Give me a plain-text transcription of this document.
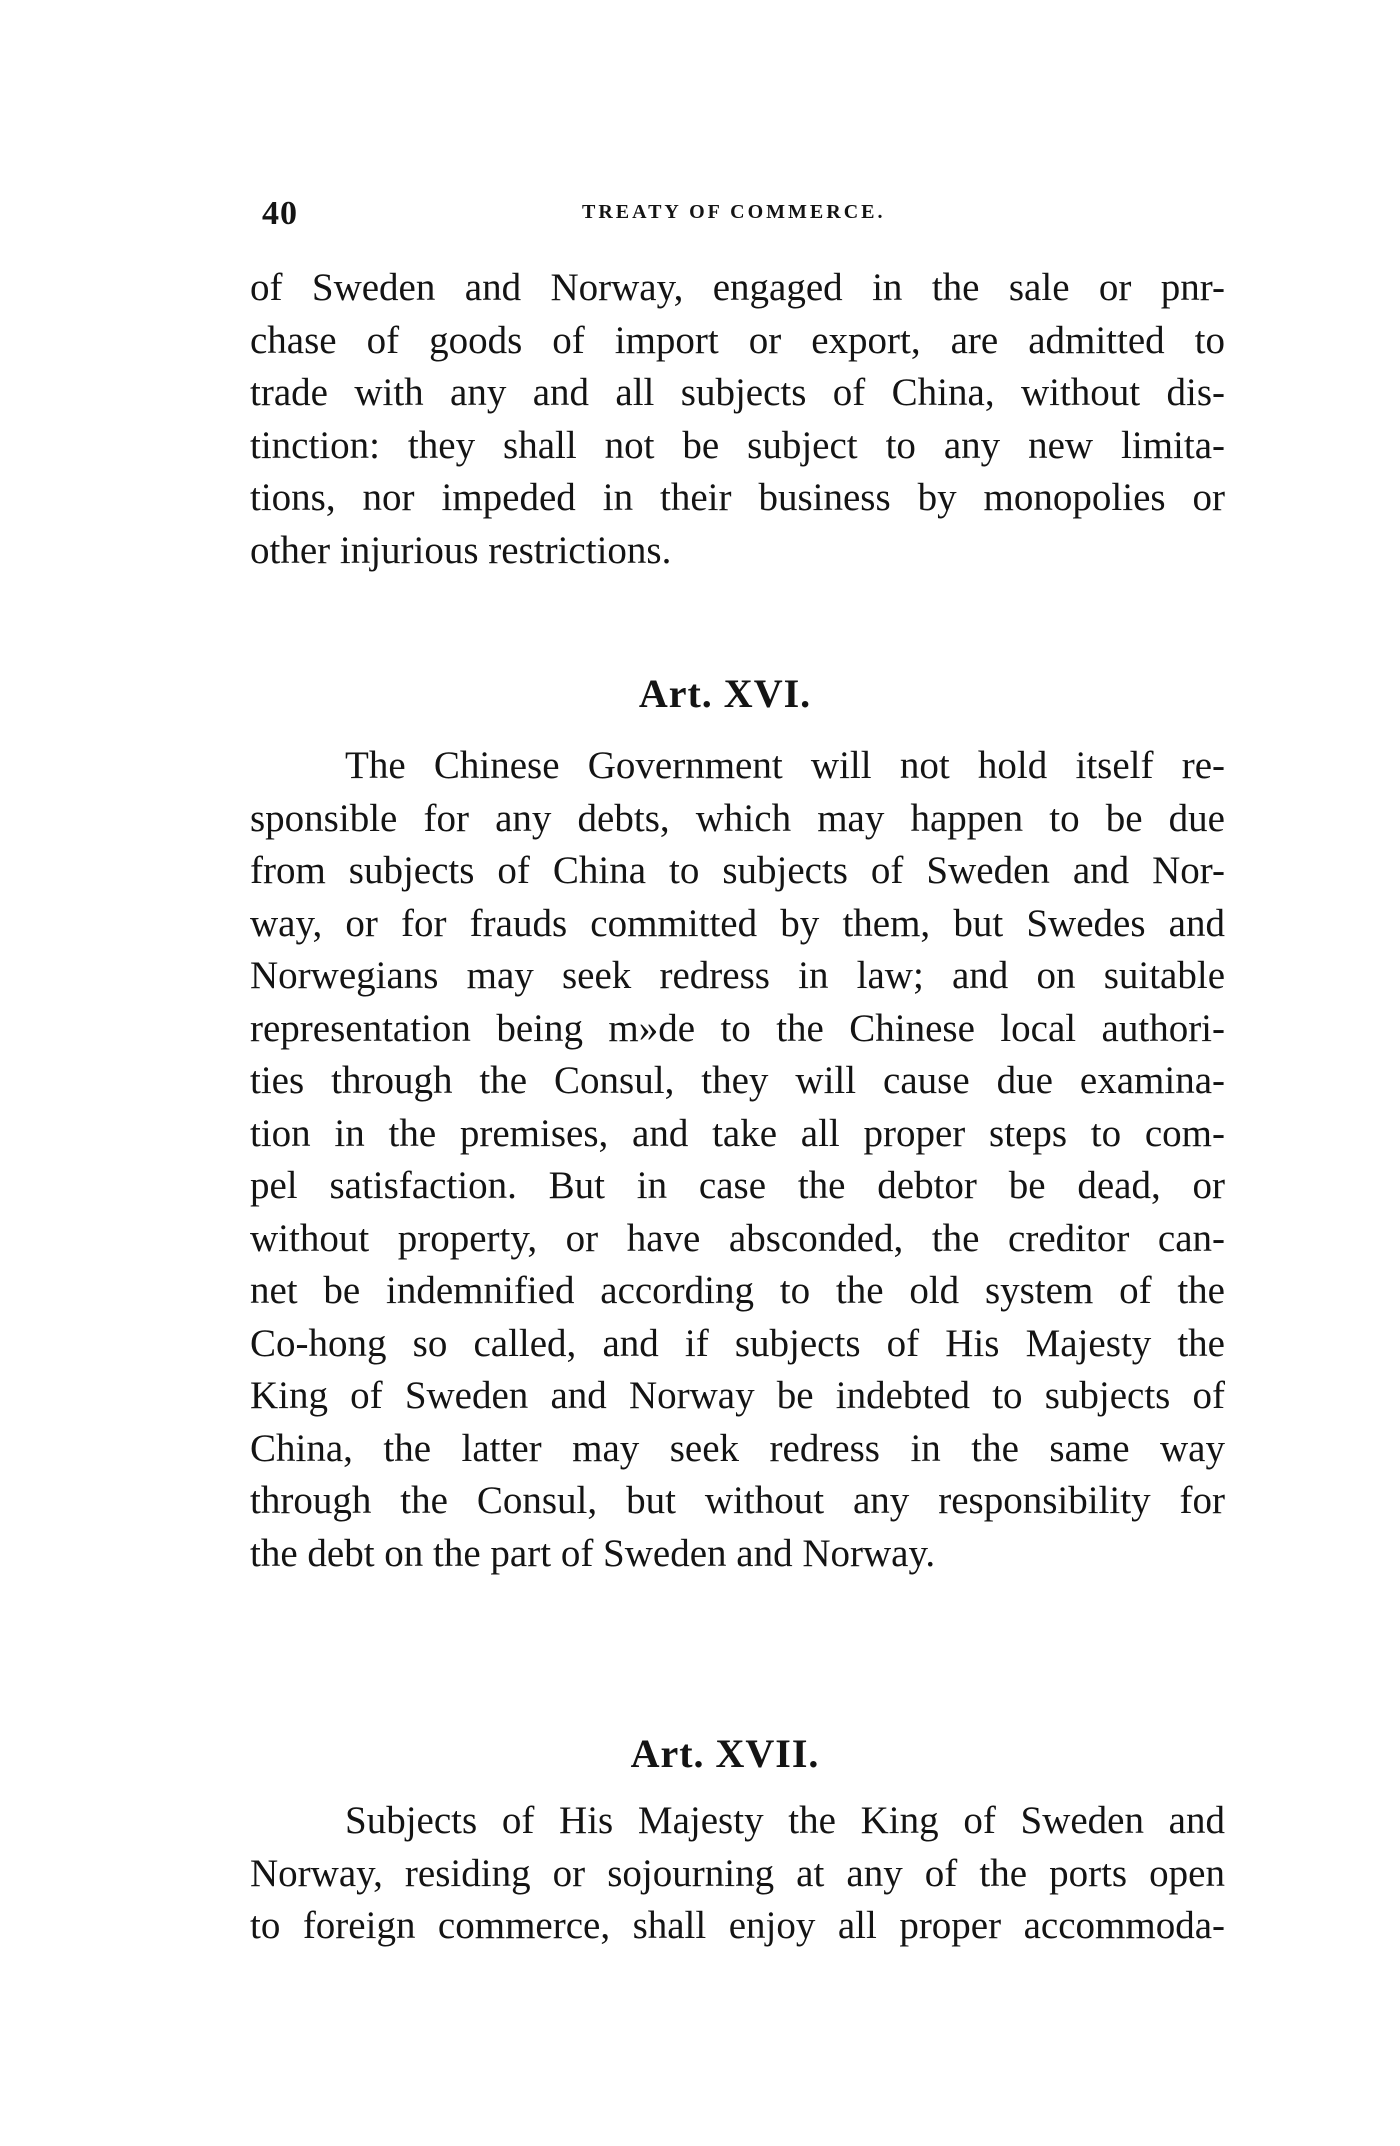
40	TREATY OF COMMERCE.
of Sweden and Norway, engaged in the sale or pnr-
chase of goods of import or export, are admitted to
trade with any and all subjects of China, without dis-
tinction: they shall not be subject to any new limita-
tions, nor impeded in their business by monopolies or
other injurious restrictions.
Art. XVI.
The Chinese Government will not hold itself re-
sponsible for any debts, which may happen to be due
from subjects of China to subjects of Sweden and Nor-
way, or for frauds committed by them, but Swedes and
Norwegians may seek redress in law; and on suitable
representation being m»de to the Chinese local authori-
ties through the Consul, they will cause due examina-
tion in the premises, and take all proper steps to com-
pel satisfaction. But in case the debtor be dead, or
without property, or have absconded, the creditor can-
net be indemnified according to the old system of the
Co-hong so called, and if subjects of His Majesty the
King of Sweden and Norway be indebted to subjects of
China, the latter may seek redress in the same way
through the Consul, but without any responsibility for
the debt on the part of Sweden and Norway.
Art. XVII.
Subjects of His Majesty the King of Sweden and
Norway, residing or sojourning at any of the ports open
to foreign commerce, shall enjoy all proper accommoda-
